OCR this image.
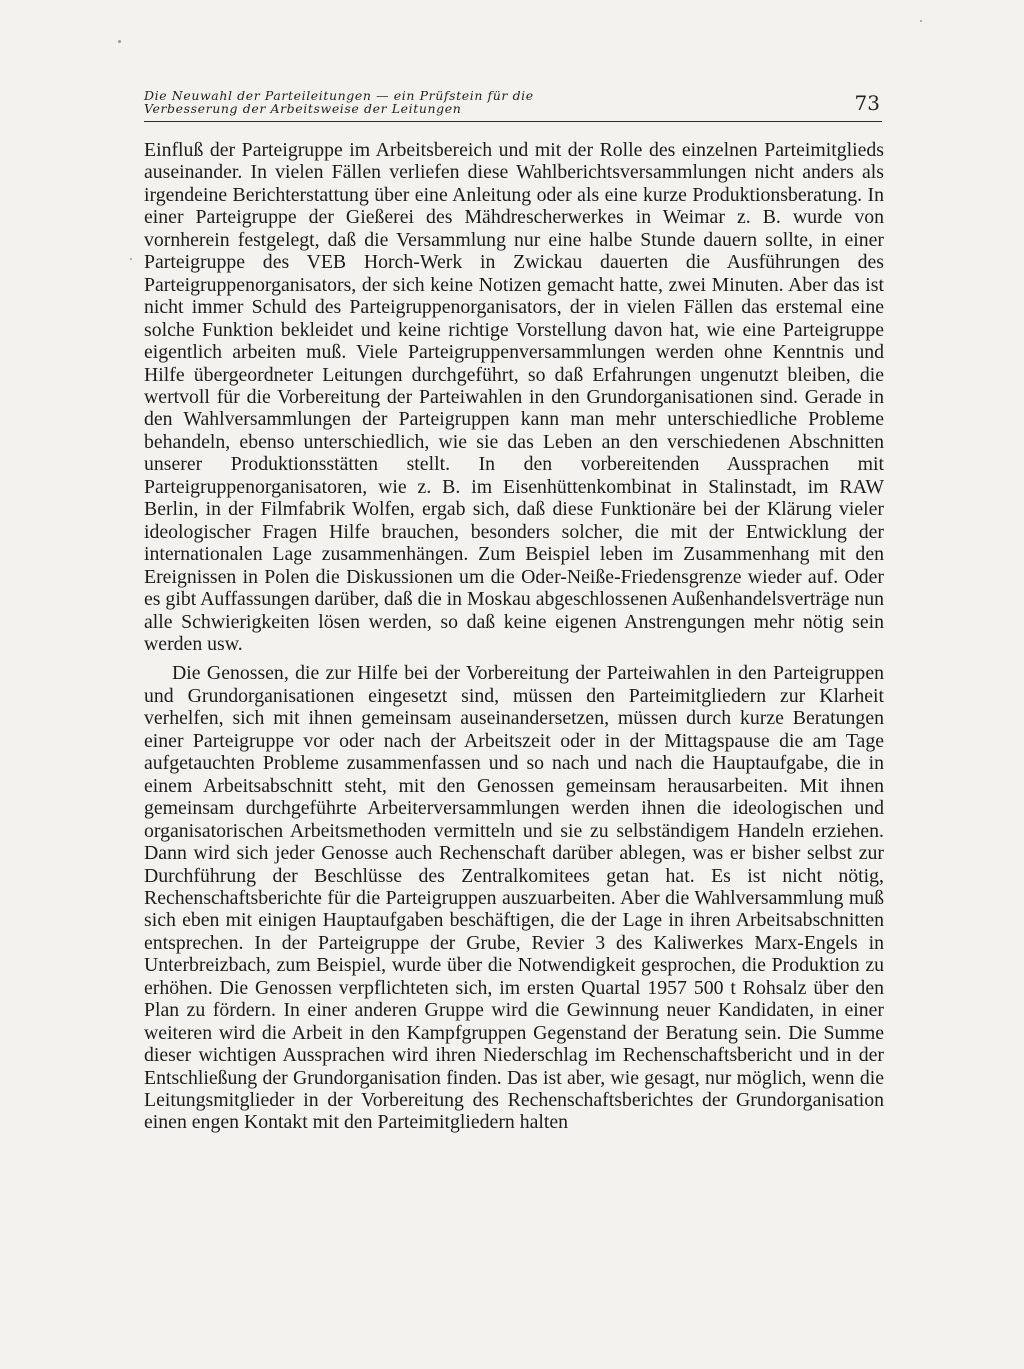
Die Neuwahl der Parteileitungen — ein Prüfstein für die
Verbesserung der Arbeitsweise der Leitungen	73

Einfluß der Parteigruppe im Arbeitsbereich und mit der Rolle des einzelnen Parteimitglieds auseinander. In vielen Fällen verliefen diese Wahlberichtsversammlungen nicht anders als irgendeine Berichterstattung über eine Anleitung oder als eine kurze Produktionsberatung. In einer Parteigruppe der Gießerei des Mähdrescherwerkes in Weimar z. B. wurde von vornherein festgelegt, daß die Versammlung nur eine halbe Stunde dauern sollte, in einer Parteigruppe des VEB Horch-Werk in Zwickau dauerten die Ausführungen des Parteigruppenorganisators, der sich keine Notizen gemacht hatte, zwei Minuten. Aber das ist nicht immer Schuld des Parteigruppenorganisators, der in vielen Fällen das erstemal eine solche Funktion bekleidet und keine richtige Vorstellung davon hat, wie eine Parteigruppe eigentlich arbeiten muß. Viele Parteigruppenversammlungen werden ohne Kenntnis und Hilfe übergeordneter Leitungen durchgeführt, so daß Erfahrungen ungenutzt bleiben, die wertvoll für die Vorbereitung der Parteiwahlen in den Grundorganisationen sind. Gerade in den Wahlversammlungen der Parteigruppen kann man mehr unterschiedliche Probleme behandeln, ebenso unterschiedlich, wie sie das Leben an den verschiedenen Abschnitten unserer Produktionsstätten stellt. In den vorbereitenden Aussprachen mit Parteigruppenorganisatoren, wie z. B. im Eisenhüttenkombinat in Stalinstadt, im RAW Berlin, in der Filmfabrik Wolfen, ergab sich, daß diese Funktionäre bei der Klärung vieler ideologischer Fragen Hilfe brauchen, besonders solcher, die mit der Entwicklung der internationalen Lage zusammenhängen. Zum Beispiel leben im Zusammenhang mit den Ereignissen in Polen die Diskussionen um die Oder-Neiße-Friedensgrenze wieder auf. Oder es gibt Auffassungen darüber, daß die in Moskau abgeschlossenen Außenhandelsverträge nun alle Schwierigkeiten lösen werden, so daß keine eigenen Anstrengungen mehr nötig sein werden usw.

Die Genossen, die zur Hilfe bei der Vorbereitung der Parteiwahlen in den Parteigruppen und Grundorganisationen eingesetzt sind, müssen den Parteimitgliedern zur Klarheit verhelfen, sich mit ihnen gemeinsam auseinandersetzen, müssen durch kurze Beratungen einer Parteigruppe vor oder nach der Arbeitszeit oder in der Mittagspause die am Tage aufgetauchten Probleme zusammenfassen und so nach und nach die Hauptaufgabe, die in einem Arbeitsabschnitt steht, mit den Genossen gemeinsam herausarbeiten. Mit ihnen gemeinsam durchgeführte Arbeiterversammlungen werden ihnen die ideologischen und organisatorischen Arbeitsmethoden vermitteln und sie zu selbständigem Handeln erziehen. Dann wird sich jeder Genosse auch Rechenschaft darüber ablegen, was er bisher selbst zur Durchführung der Beschlüsse des Zentralkomitees getan hat. Es ist nicht nötig, Rechenschaftsberichte für die Parteigruppen auszuarbeiten. Aber die Wahlversammlung muß sich eben mit einigen Hauptaufgaben beschäftigen, die der Lage in ihren Arbeitsabschnitten entsprechen. In der Parteigruppe der Grube, Revier 3 des Kaliwerkes Marx-Engels in Unterbreizbach, zum Beispiel, wurde über die Notwendigkeit gesprochen, die Produktion zu erhöhen. Die Genossen verpflichteten sich, im ersten Quartal 1957 500 t Rohsalz über den Plan zu fördern. In einer anderen Gruppe wird die Gewinnung neuer Kandidaten, in einer weiteren wird die Arbeit in den Kampfgruppen Gegenstand der Beratung sein. Die Summe dieser wichtigen Aussprachen wird ihren Niederschlag im Rechenschaftsbericht und in der Entschließung der Grundorganisation finden. Das ist aber, wie gesagt, nur möglich, wenn die Leitungsmitglieder in der Vorbereitung des Rechenschaftsberichtes der Grundorganisation einen engen Kontakt mit den Parteimitgliedern halten
